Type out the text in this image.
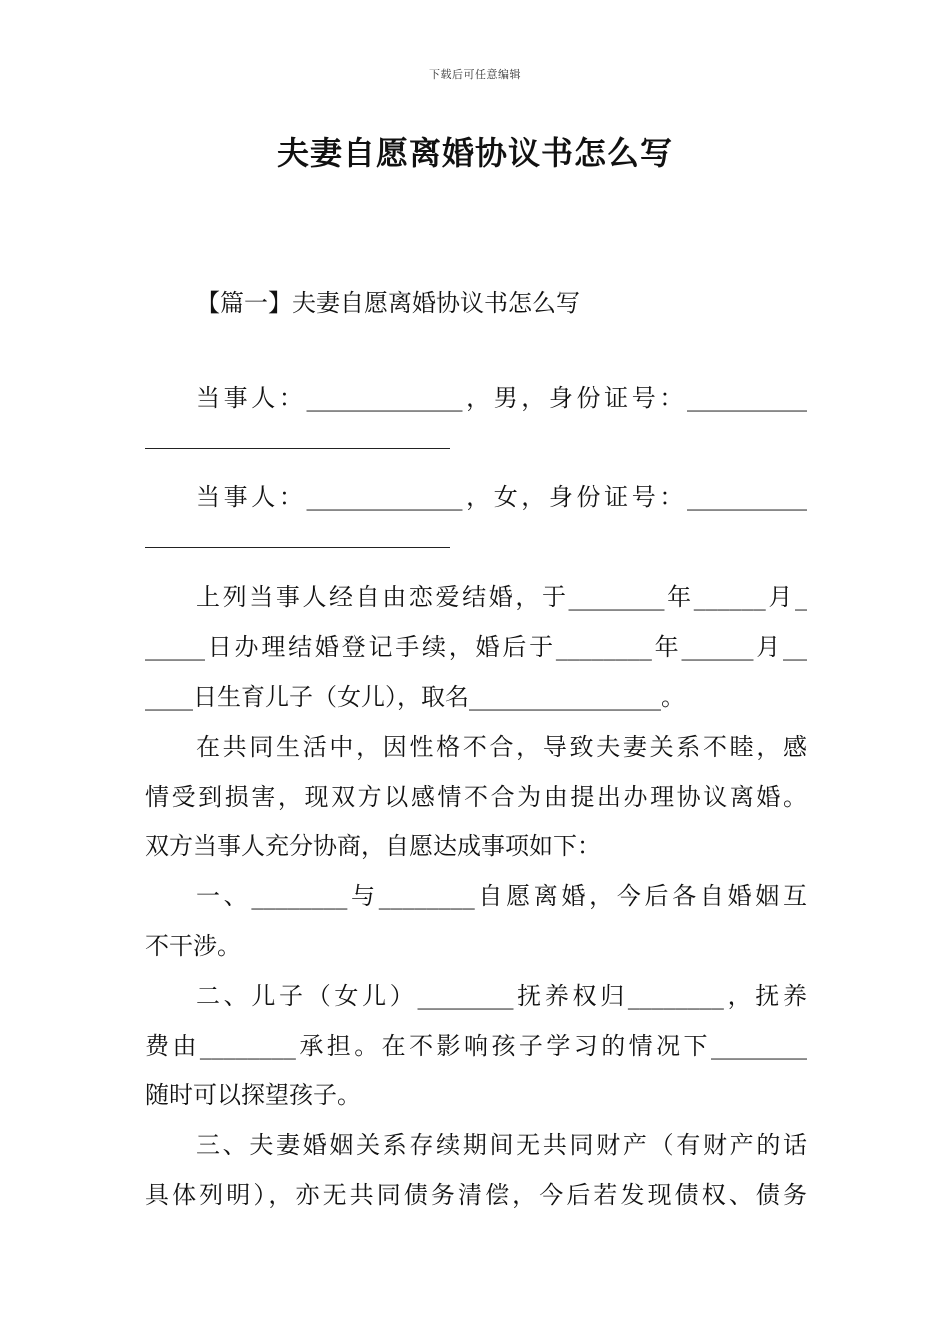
下载后可任意编辑
夫妻自愿离婚协议书怎么写
【篇一】夫妻自愿离婚协议书怎么写
当事人：_____________，男，身份证号：__________
当事人：_____________，女，身份证号：__________
上列当事人经自由恋爱结婚，于________年______月_
_____日办理结婚登记手续，婚后于________年______月__
____日生育儿子（女儿），取名________________。
在共同生活中，因性格不合，导致夫妻关系不睦，感
情受到损害，现双方以感情不合为由提出办理协议离婚。
双方当事人充分协商，自愿达成事项如下：
一、________与________自愿离婚，今后各自婚姻互
不干涉。
二、儿子（女儿）________抚养权归________，抚养
费由________承担。在不影响孩子学习的情况下________
随时可以探望孩子。
三、夫妻婚姻关系存续期间无共同财产（有财产的话
具体列明），亦无共同债务清偿，今后若发现债权、债务
